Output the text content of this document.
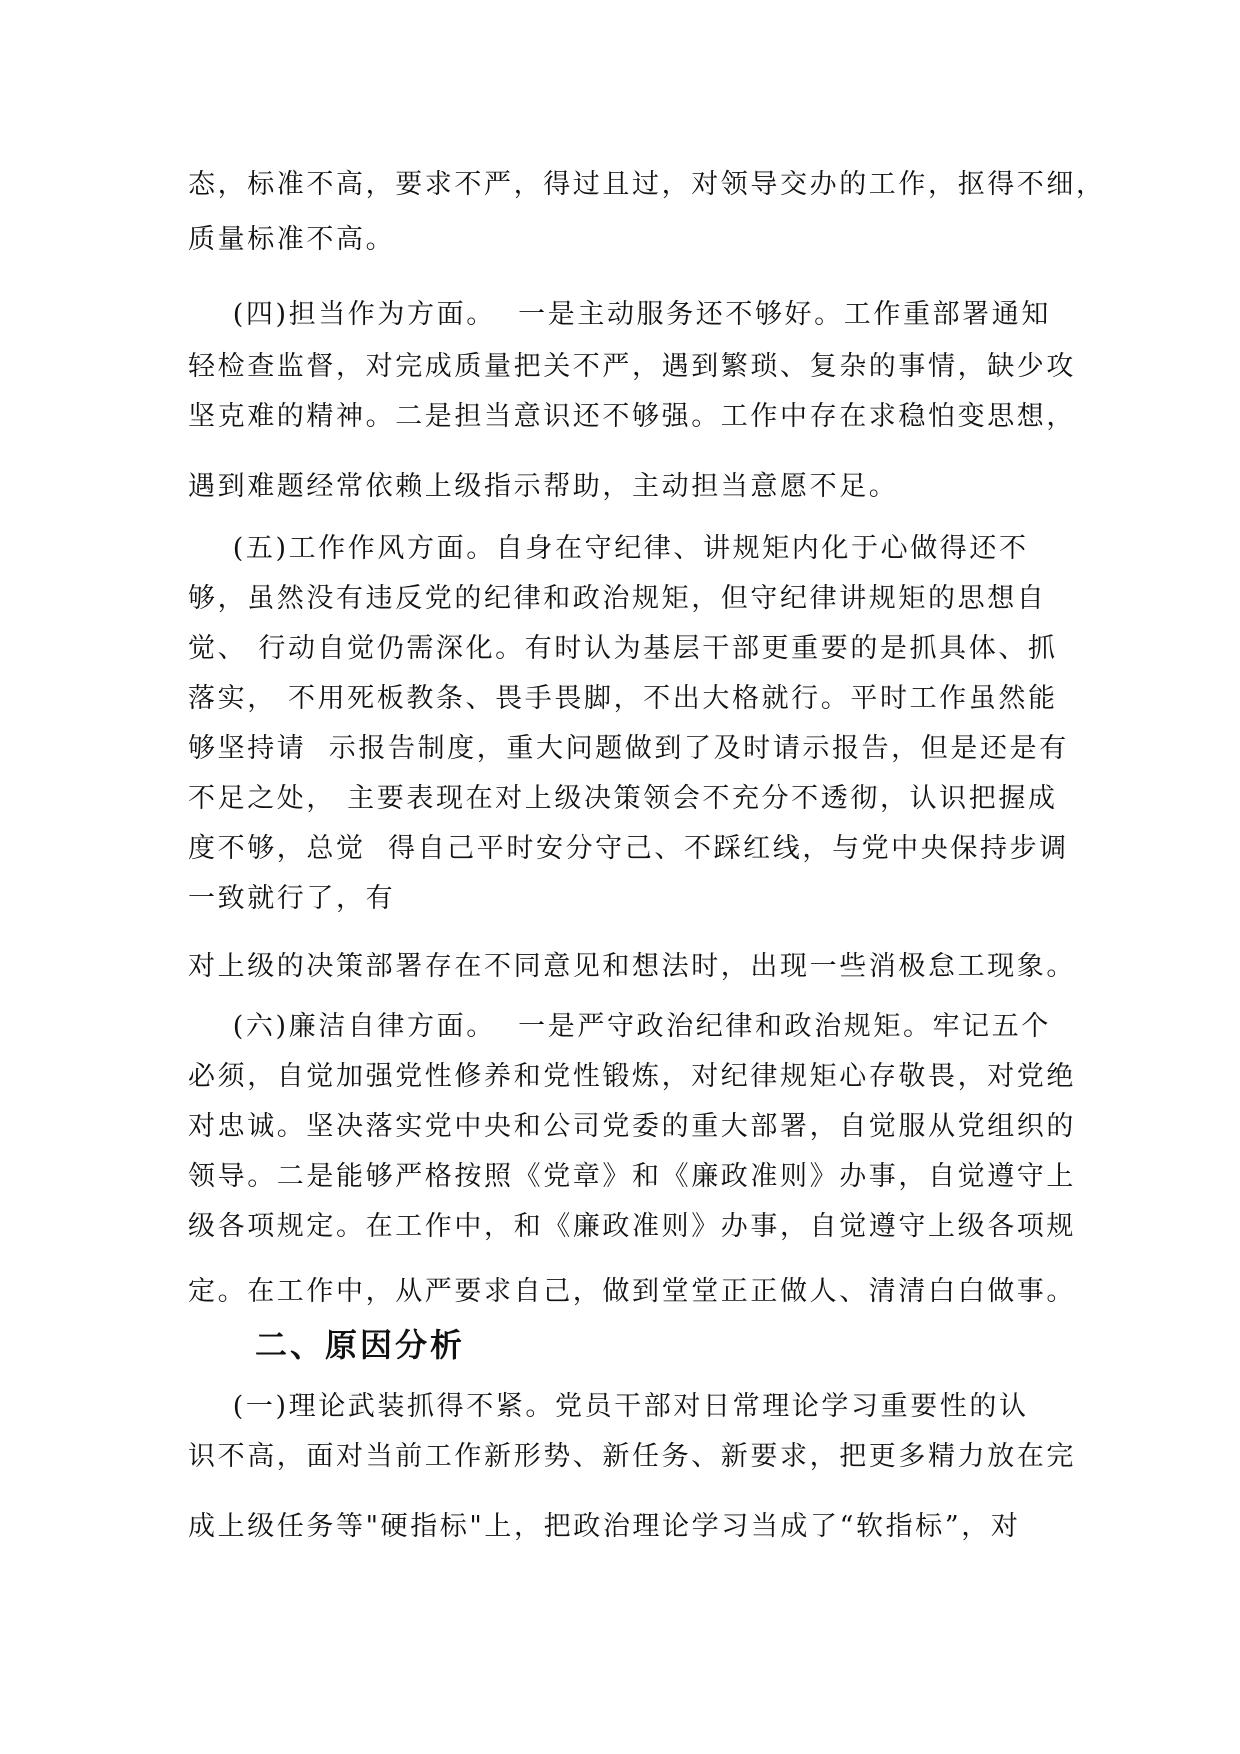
态，标准不高，要求不严，得过且过，对领导交办的工作，抠得不细，
质量标准不高。
(四)担当作为方面。  一是主动服务还不够好。工作重部署通知
轻检查监督，对完成质量把关不严，遇到繁琐、复杂的事情，缺少攻
坚克难的精神。二是担当意识还不够强。工作中存在求稳怕变思想，
遇到难题经常依赖上级指示帮助，主动担当意愿不足。
(五)工作作风方面。自身在守纪律、讲规矩内化于心做得还不
够，虽然没有违反党的纪律和政治规矩，但守纪律讲规矩的思想自
觉、 行动自觉仍需深化。有时认为基层干部更重要的是抓具体、抓
落实， 不用死板教条、畏手畏脚，不出大格就行。平时工作虽然能
够坚持请  示报告制度，重大问题做到了及时请示报告，但是还是有
不足之处， 主要表现在对上级决策领会不充分不透彻，认识把握成
度不够，总觉  得自己平时安分守己、不踩红线，与党中央保持步调
一致就行了，有
对上级的决策部署存在不同意见和想法时，出现一些消极怠工现象。
(六)廉洁自律方面。  一是严守政治纪律和政治规矩。牢记五个
必须，自觉加强党性修养和党性锻炼，对纪律规矩心存敬畏，对党绝
对忠诚。坚决落实党中央和公司党委的重大部署，自觉服从党组织的
领导。二是能够严格按照《党章》和《廉政准则》办事，自觉遵守上
级各项规定。在工作中，和《廉政准则》办事，自觉遵守上级各项规
定。在工作中，从严要求自己，做到堂堂正正做人、清清白白做事。
二、原因分析
(一)理论武装抓得不紧。党员干部对日常理论学习重要性的认
识不高，面对当前工作新形势、新任务、新要求，把更多精力放在完
成上级任务等"硬指标"上，把政治理论学习当成了“软指标”，对
